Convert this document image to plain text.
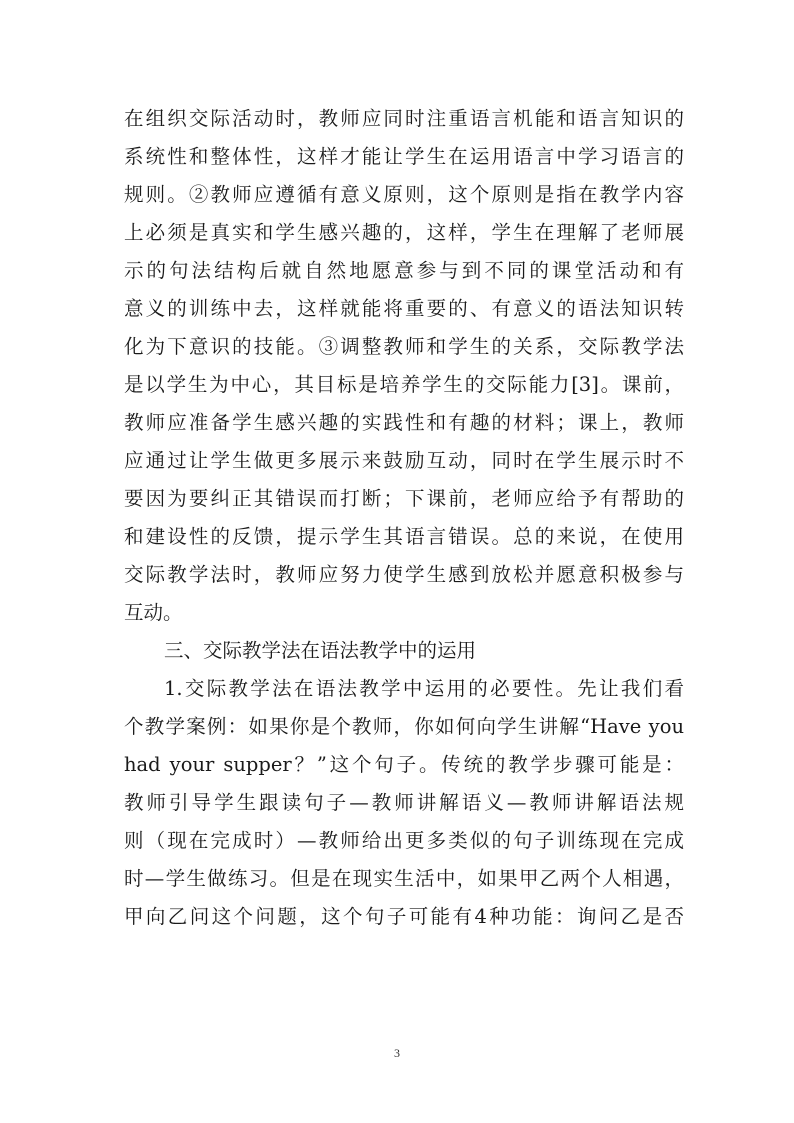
在组织交际活动时，教师应同时注重语言机能和语言知识的
系统性和整体性，这样才能让学生在运用语言中学习语言的
规则。②教师应遵循有意义原则，这个原则是指在教学内容
上必须是真实和学生感兴趣的，这样，学生在理解了老师展
示的句法结构后就自然地愿意参与到不同的课堂活动和有
意义的训练中去，这样就能将重要的、有意义的语法知识转
化为下意识的技能。③调整教师和学生的关系，交际教学法
是以学生为中心，其目标是培养学生的交际能力[3]。课前，
教师应准备学生感兴趣的实践性和有趣的材料；课上，教师
应通过让学生做更多展示来鼓励互动，同时在学生展示时不
要因为要纠正其错误而打断；下课前，老师应给予有帮助的
和建设性的反馈，提示学生其语言错误。总的来说，在使用
交际教学法时，教师应努力使学生感到放松并愿意积极参与
互动。
三、交际教学法在语法教学中的运用
1.交际教学法在语法教学中运用的必要性。先让我们看
个教学案例：如果你是个教师，你如何向学生讲解“Have you
had your supper？”这个句子。传统的教学步骤可能是：
教师引导学生跟读句子—教师讲解语义—教师讲解语法规
则（现在完成时）—教师给出更多类似的句子训练现在完成
时—学生做练习。但是在现实生活中，如果甲乙两个人相遇，
甲向乙问这个问题，这个句子可能有4种功能：询问乙是否
3
